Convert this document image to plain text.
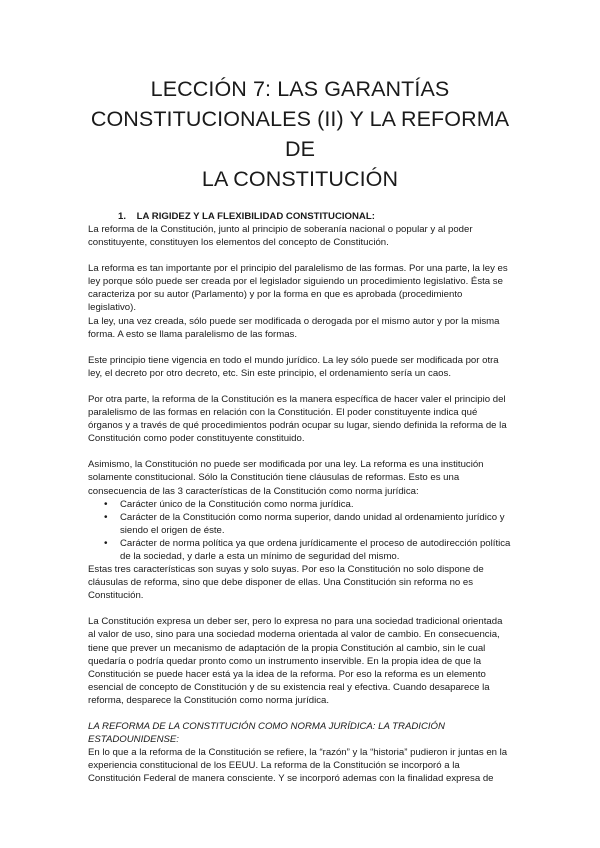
LECCIÓN 7: LAS GARANTÍAS
CONSTITUCIONALES (II) Y LA REFORMA DE
LA CONSTITUCIÓN
1. LA RIGIDEZ Y LA FLEXIBILIDAD CONSTITUCIONAL:

La reforma de la Constitución, junto al principio de soberanía nacional o popular y al poder constituyente, constituyen los elementos del concepto de Constitución.

La reforma es tan importante por el principio del paralelismo de las formas. Por una parte, la ley es ley porque sólo puede ser creada por el legislador siguiendo un procedimiento legislativo. Ésta se caracteriza por su autor (Parlamento) y por la forma en que es aprobada (procedimiento legislativo).

La ley, una vez creada, sólo puede ser modificada o derogada por el mismo autor y por la misma forma. A esto se llama paralelismo de las formas.

Este principio tiene vigencia en todo el mundo jurídico. La ley sólo puede ser modificada por otra ley, el decreto por otro decreto, etc. Sin este principio, el ordenamiento sería un caos.

Por otra parte, la reforma de la Constitución es la manera específica de hacer valer el principio del paralelismo de las formas en relación con la Constitución. El poder constituyente indica qué órganos y a través de qué procedimientos podrán ocupar su lugar, siendo definida la reforma de la Constitución como poder constituyente constituido.

Asimismo, la Constitución no puede ser modificada por una ley. La reforma es una institución solamente constitucional. Sólo la Constitución tiene cláusulas de reformas. Esto es una consecuencia de las 3 características de la Constitución como norma jurídica:

• Carácter único de la Constitución como norma jurídica.
• Carácter de la Constitución como norma superior, dando unidad al ordenamiento jurídico y siendo el origen de éste.
• Carácter de norma política ya que ordena jurídicamente el proceso de autodirección política de la sociedad, y darle a esta un mínimo de seguridad del mismo.

Estas tres características son suyas y solo suyas. Por eso la Constitución no solo dispone de cláusulas de reforma, sino que debe disponer de ellas. Una Constitución sin reforma no es Constitución.

La Constitución expresa un deber ser, pero lo expresa no para una sociedad tradicional orientada al valor de uso, sino para una sociedad moderna orientada al valor de cambio. En consecuencia, tiene que prever un mecanismo de adaptación de la propia Constitución al cambio, sin le cual quedaría o podría quedar pronto como un instrumento inservible. En la propia idea de que la Constitución se puede hacer está ya la idea de la reforma. Por eso la reforma es un elemento esencial de concepto de Constitución y de su existencia real y efectiva. Cuando desaparece la reforma, desparece la Constitución como norma jurídica.

LA REFORMA DE LA CONSTITUCIÓN COMO NORMA JURÍDICA: LA TRADICIÓN ESTADOUNIDENSE:

En lo que a la reforma de la Constitución se refiere, la “razón” y la “historia” pudieron ir juntas en la experiencia constitucional de los EEUU. La reforma de la Constitución se incorporó a la Constitución Federal de manera consciente. Y se incorporó ademas con la finalidad expresa de
